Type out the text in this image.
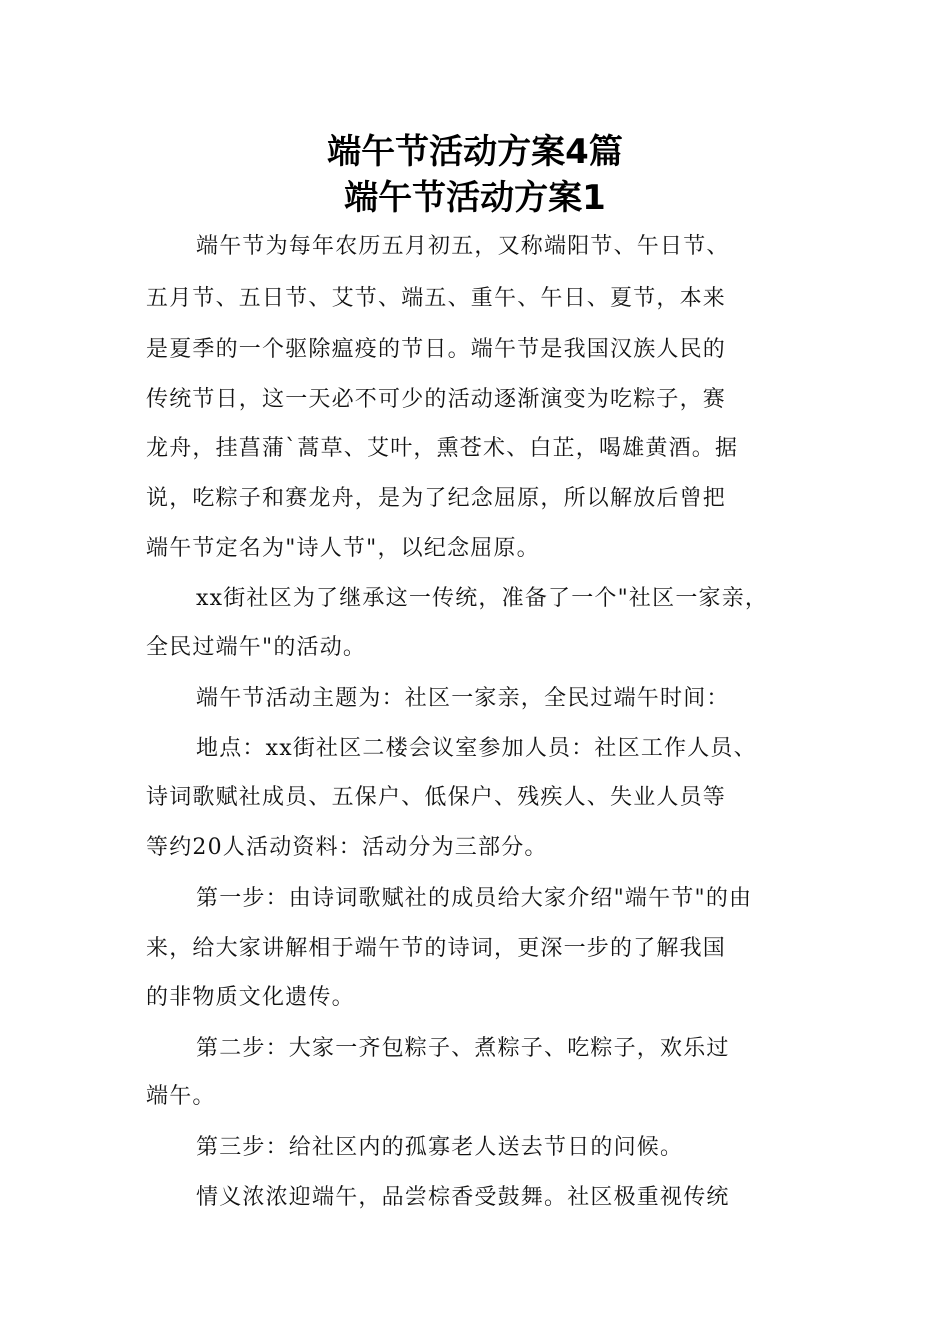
端午节活动方案4篇
端午节活动方案1
端午节为每年农历五月初五，又称端阳节、午日节、
五月节、五日节、艾节、端五、重午、午日、夏节，本来
是夏季的一个驱除瘟疫的节日。端午节是我国汉族人民的
传统节日，这一天必不可少的活动逐渐演变为吃粽子，赛
龙舟，挂菖蒲`蒿草、艾叶，熏苍术、白芷，喝雄黄酒。据
说，吃粽子和赛龙舟，是为了纪念屈原，所以解放后曾把
端午节定名为"诗人节"，以纪念屈原。
xx街社区为了继承这一传统，准备了一个"社区一家亲，
全民过端午"的活动。
端午节活动主题为：社区一家亲，全民过端午时间：
地点：xx街社区二楼会议室参加人员：社区工作人员、
诗词歌赋社成员、五保户、低保户、残疾人、失业人员等
等约20人活动资料：活动分为三部分。
第一步：由诗词歌赋社的成员给大家介绍"端午节"的由
来，给大家讲解相于端午节的诗词，更深一步的了解我国
的非物质文化遗传。
第二步：大家一齐包粽子、煮粽子、吃粽子，欢乐过
端午。
第三步：给社区内的孤寡老人送去节日的问候。
情义浓浓迎端午，品尝棕香受鼓舞。社区极重视传统
